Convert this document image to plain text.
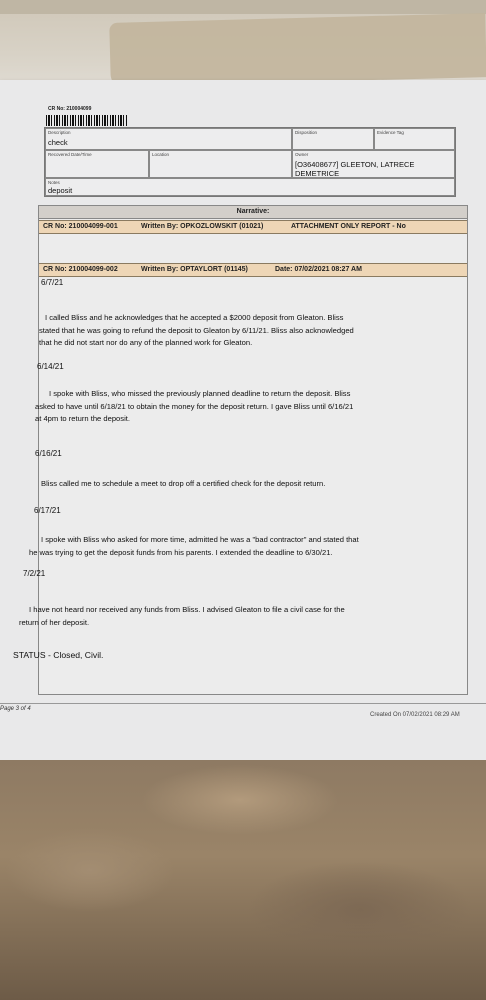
CR No: 210004099
Description
check
Disposition	Evidence Tag
Recovered Date/Time	Location	Owner
[O36408677] GLEETON, LATRECE
DEMETRICE
Notes
deposit
Narrative:
CR No: 210004099-001	Written By: OPKOZLOWSKIT (01021)	ATTACHMENT ONLY REPORT - No
CR No: 210004099-002	Written By: OPTAYLORT (01145)	Date: 07/02/2021 08:27 AM
6/7/21
I called Bliss and he acknowledges that he accepted a $2000 deposit from Gleaton. Bliss
stated that he was going to refund the deposit to Gleaton by 6/11/21. Bliss also acknowledged
that he did not start nor do any of the planned work for Gleaton.
6/14/21
I spoke with Bliss, who missed the previously planned deadline to return the deposit. Bliss
asked to have until 6/18/21 to obtain the money for the deposit return. I gave Bliss until 6/16/21
at 4pm to return the deposit.
6/16/21
Bliss called me to schedule a meet to drop off a certified check for the deposit return.
6/17/21
I spoke with Bliss who asked for more time, admitted he was a "bad contractor" and stated that
he was trying to get the deposit funds from his parents. I extended the deadline to 6/30/21.
7/2/21
I have not heard nor received any funds from Bliss. I advised Gleaton to file a civil case for the
return of her deposit.
STATUS - Closed, Civil.
Page 3 of 4
Created On 07/02/2021 08:29 AM
